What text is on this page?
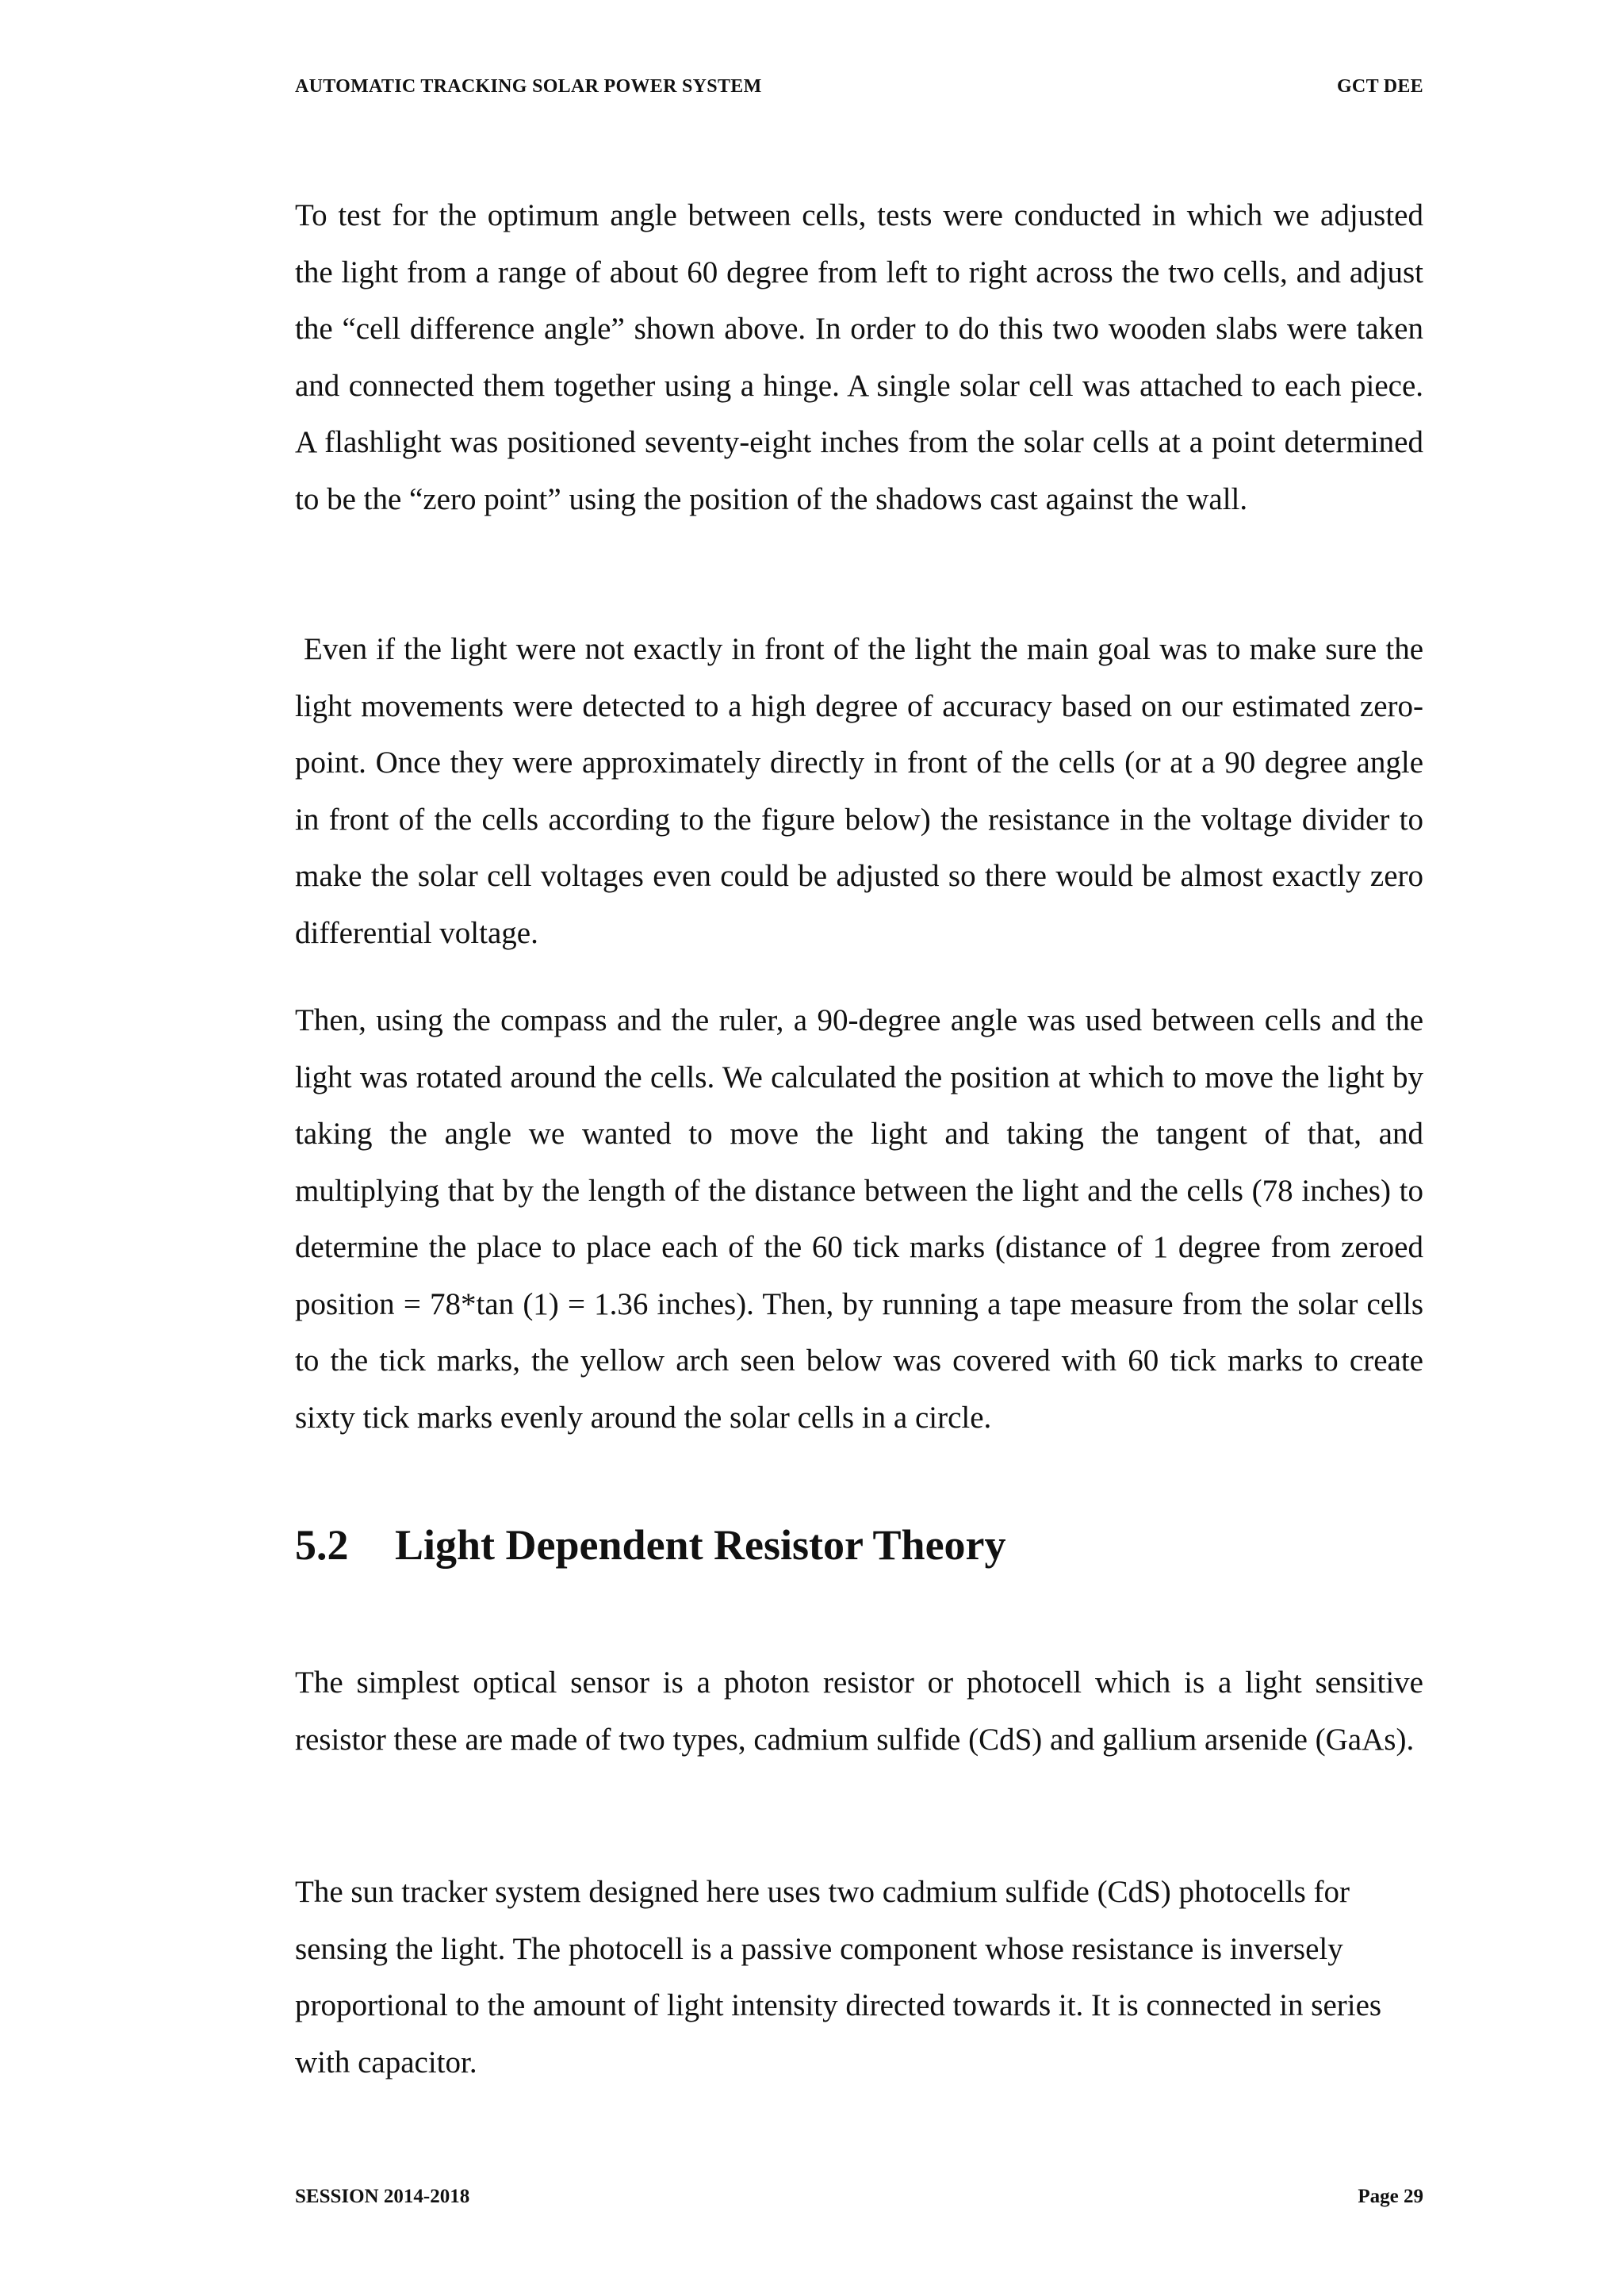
AUTOMATIC TRACKING SOLAR POWER SYSTEM	GCT DEE

To test for the optimum angle between cells, tests were conducted in which we adjusted the light from a range of about 60 degree from left to right across the two cells, and adjust the “cell difference angle” shown above. In order to do this two wooden slabs were taken and connected them together using a hinge. A single solar cell was attached to each piece. A flashlight was positioned seventy-eight inches from the solar cells at a point determined to be the “zero point” using the position of the shadows cast against the wall.

Even if the light were not exactly in front of the light the main goal was to make sure the light movements were detected to a high degree of accuracy based on our estimated zero-point. Once they were approximately directly in front of the cells (or at a 90 degree angle in front of the cells according to the figure below) the resistance in the voltage divider to make the solar cell voltages even could be adjusted so there would be almost exactly zero differential voltage.

Then, using the compass and the ruler, a 90-degree angle was used between cells and the light was rotated around the cells. We calculated the position at which to move the light by taking the angle we wanted to move the light and taking the tangent of that, and multiplying that by the length of the distance between the light and the cells (78 inches) to determine the place to place each of the 60 tick marks (distance of 1 degree from zeroed position = 78*tan (1) = 1.36 inches). Then, by running a tape measure from the solar cells to the tick marks, the yellow arch seen below was covered with 60 tick marks to create sixty tick marks evenly around the solar cells in a circle.

5.2 Light Dependent Resistor Theory

The simplest optical sensor is a photon resistor or photocell which is a light sensitive resistor these are made of two types, cadmium sulfide (CdS) and gallium arsenide (GaAs).

The sun tracker system designed here uses two cadmium sulfide (CdS) photocells for sensing the light. The photocell is a passive component whose resistance is inversely proportional to the amount of light intensity directed towards it. It is connected in series with capacitor.

SESSION 2014-2018	Page 29
